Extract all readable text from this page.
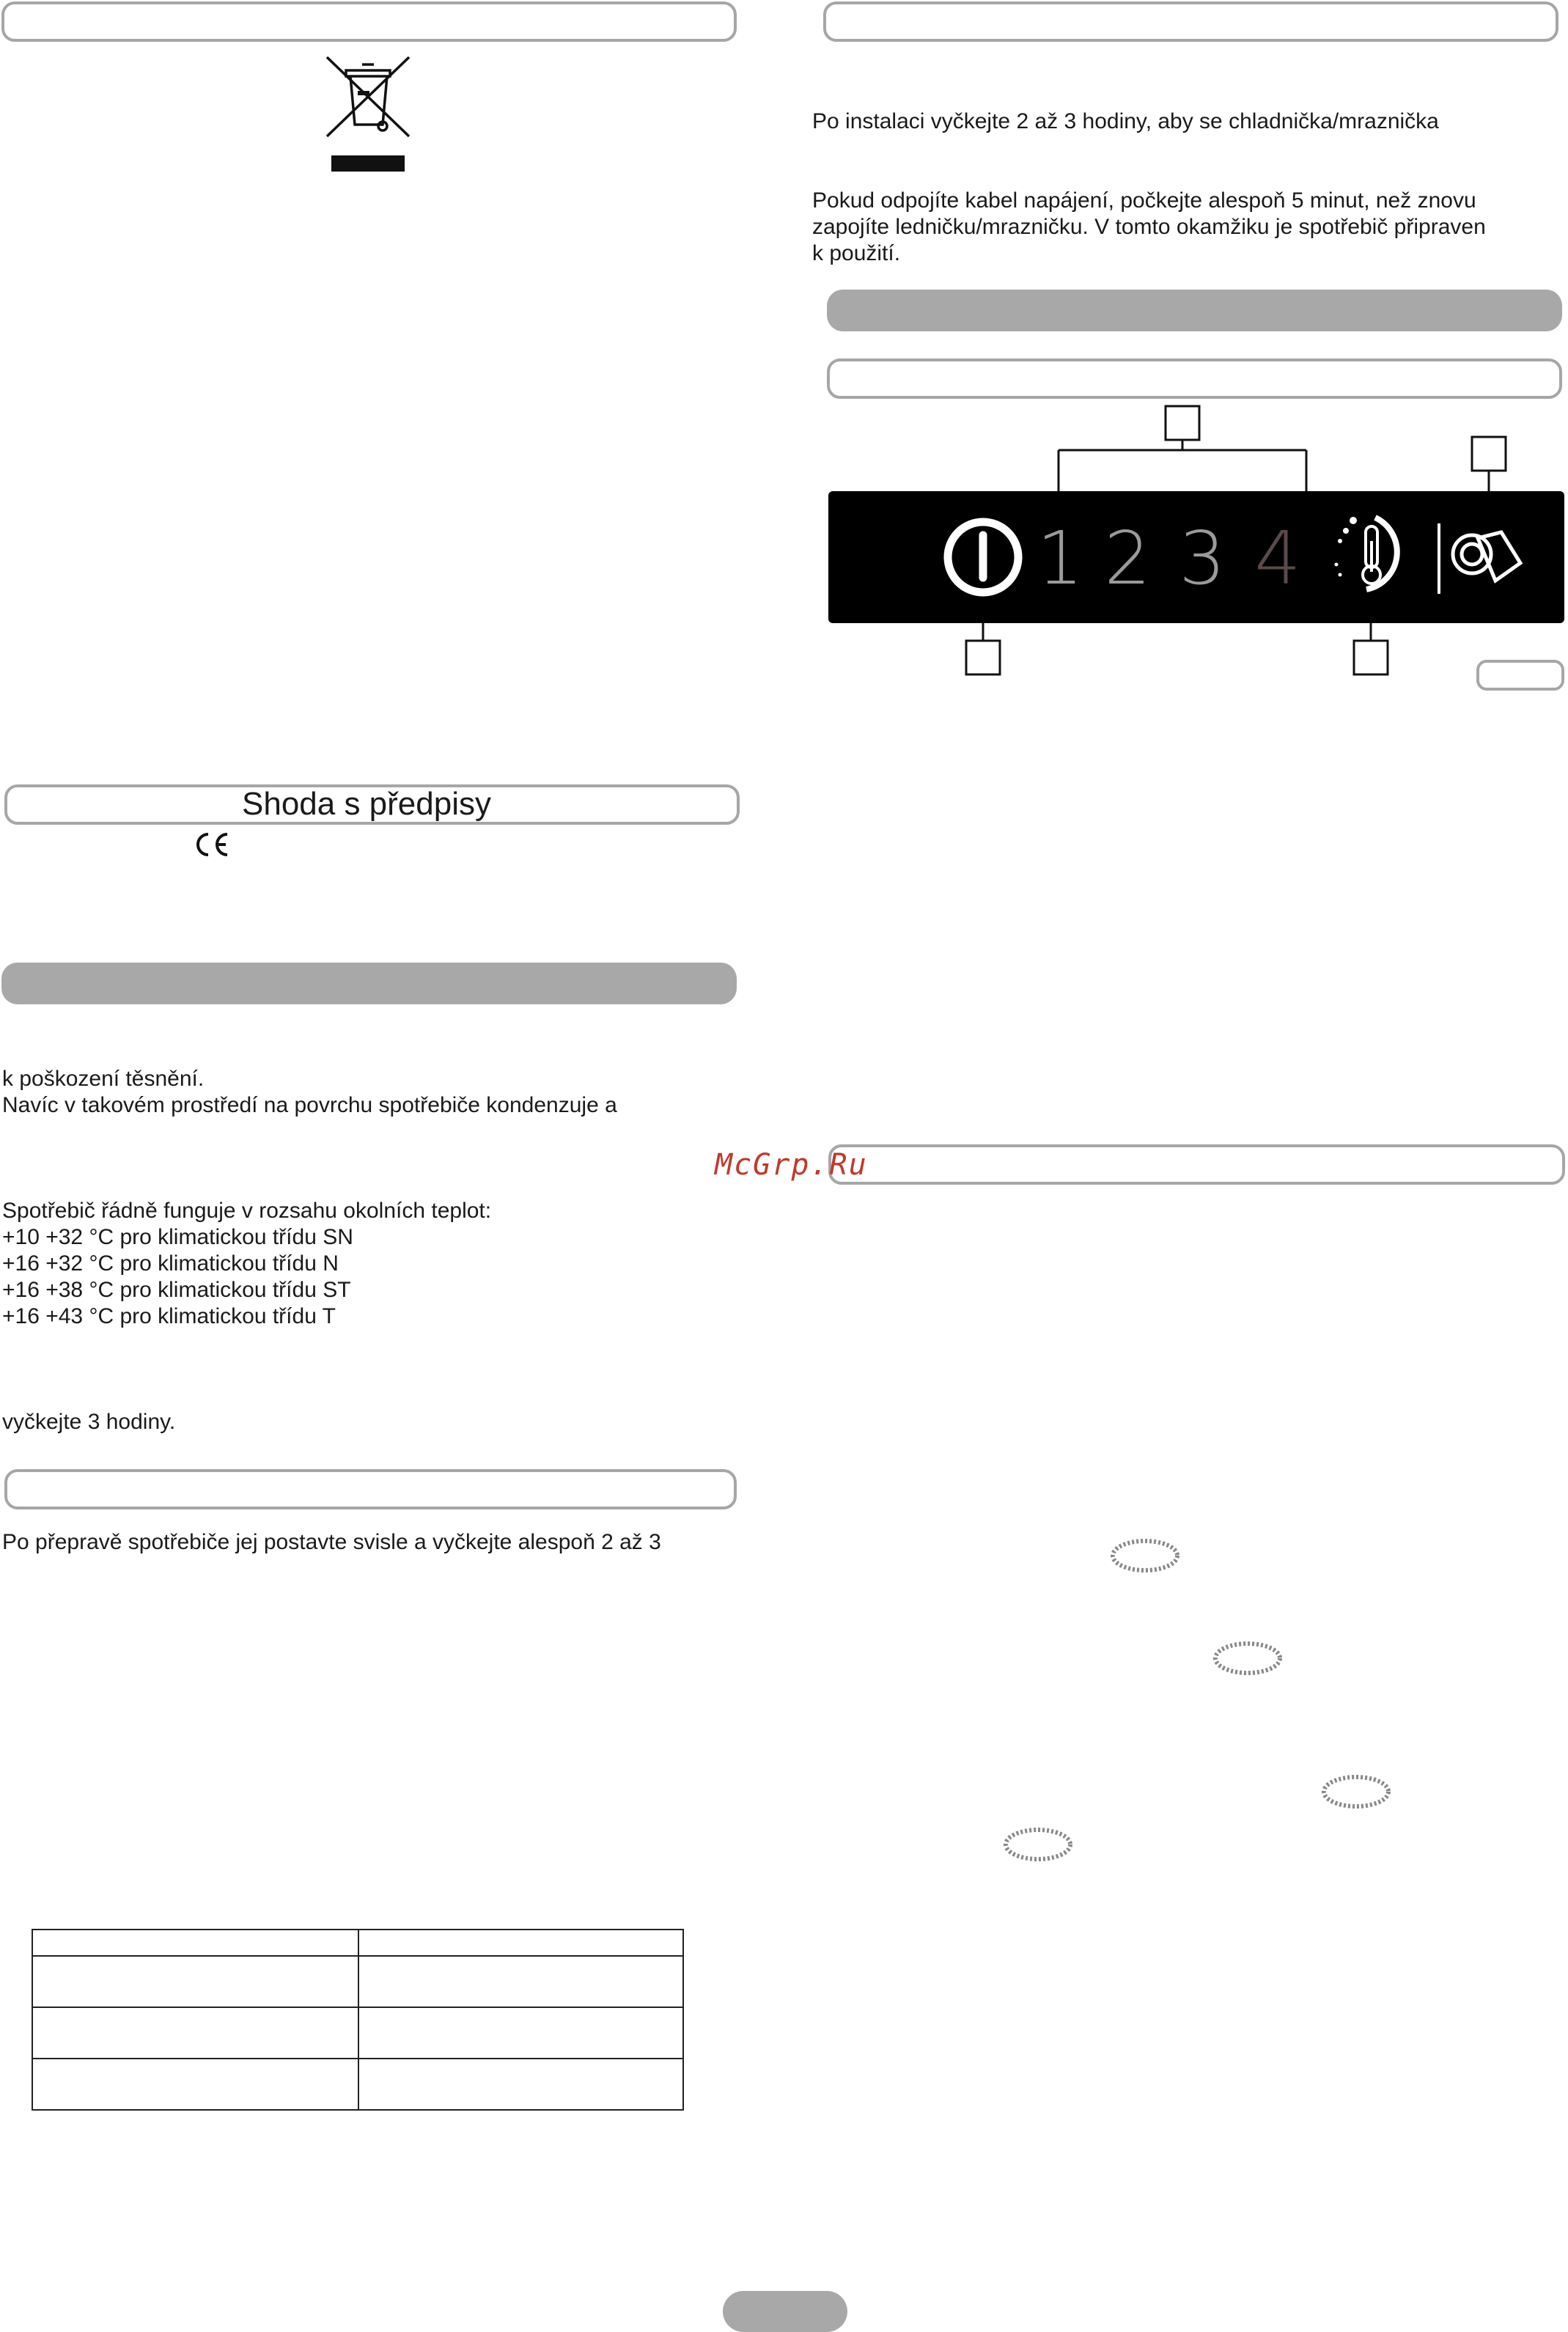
Shoda s předpisy
k poškození těsnění.
Navíc v takovém prostředí na povrchu spotřebiče kondenzuje a
Spotřebič řádně funguje v rozsahu okolních teplot:
+10 +32 °C pro klimatickou třídu SN
+16 +32 °C pro klimatickou třídu N
+16 +38 °C pro klimatickou třídu ST
+16 +43 °C pro klimatickou třídu T
vyčkejte 3 hodiny.
Po přepravě spotřebiče jej postavte svisle a vyčkejte alespoň 2 až 3

Po instalaci vyčkejte 2 až 3 hodiny, aby se chladnička/mraznička
Pokud odpojíte kabel napájení, počkejte alespoň 5 minut, než znovu
zapojíte ledničku/mrazničku. V tomto okamžiku je spotřebič připraven
k použití.
1 2 3 4
McGrp.Ru
